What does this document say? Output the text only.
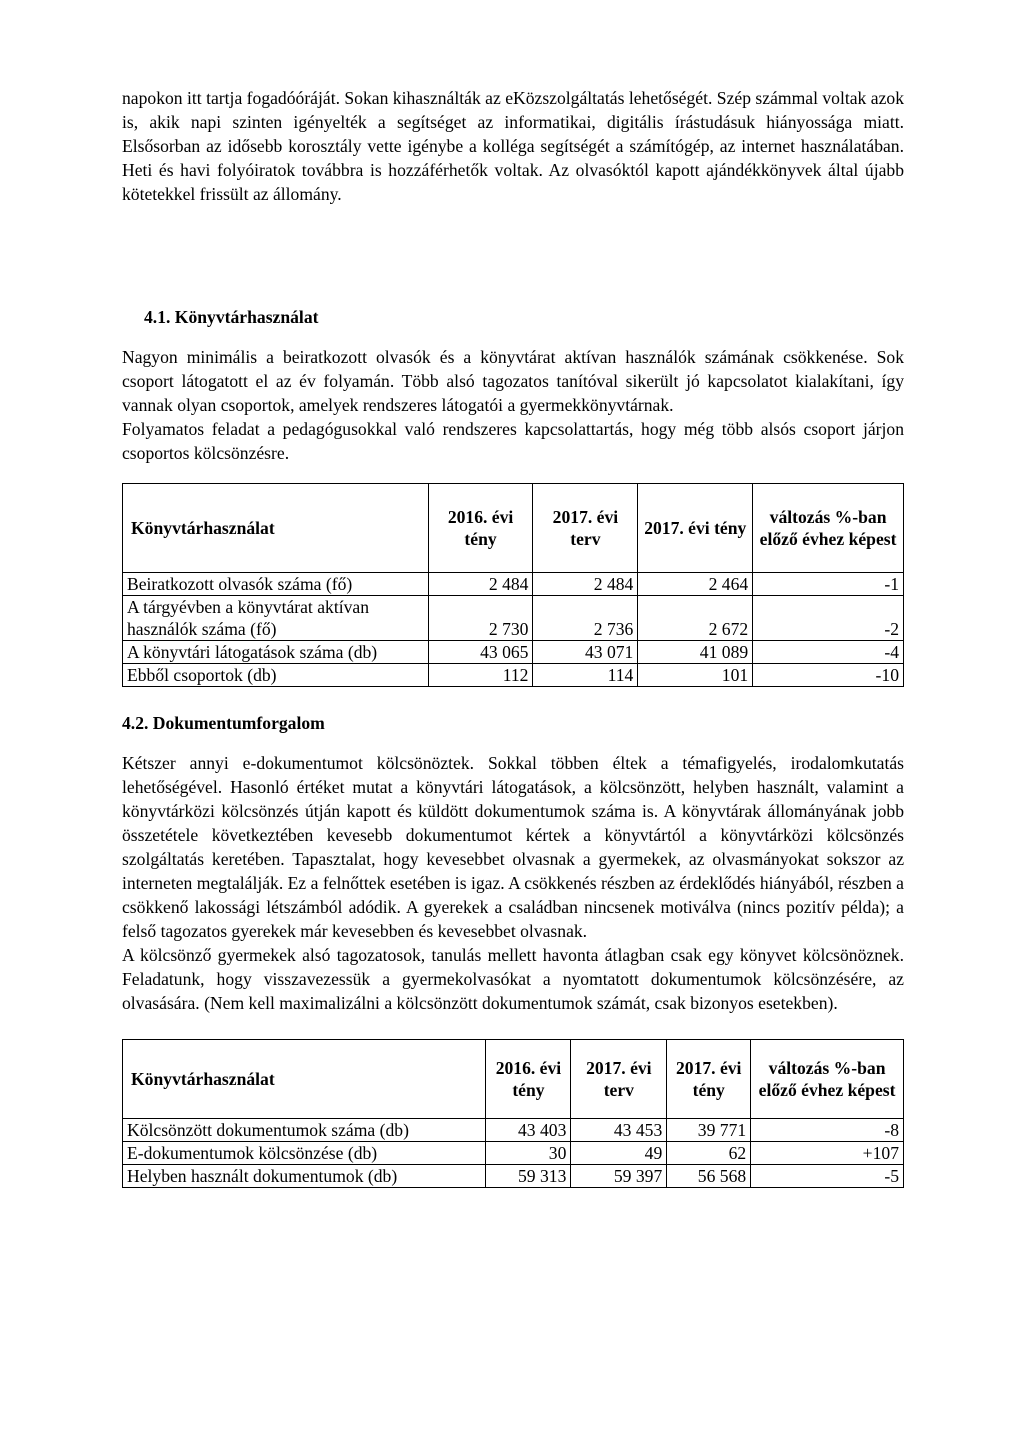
napokon itt tartja fogadóóráját. Sokan kihasználták az eKözszolgáltatás lehetőségét. Szép számmal voltak azok is, akik napi szinten igényelték a segítséget az informatikai, digitális írástudásuk hiányossága miatt. Elsősorban az idősebb korosztály vette igénybe a kolléga segítségét a számítógép, az internet használatában. Heti és havi folyóiratok továbbra is hozzáférhetők voltak. Az olvasóktól kapott ajándékkönyvek által újabb kötetekkel frissült az állomány.

4.1. Könyvtárhasználat

Nagyon minimális a beiratkozott olvasók és a könyvtárat aktívan használók számának csökkenése. Sok csoport látogatott el az év folyamán. Több alsó tagozatos tanítóval sikerült jó kapcsolatot kialakítani, így vannak olyan csoportok, amelyek rendszeres látogatói a gyermekkönyvtárnak.

Folyamatos feladat a pedagógusokkal való rendszeres kapcsolattartás, hogy még több alsós csoport járjon csoportos kölcsönzésre.

Könyvtárhasználat	2016. évi tény	2017. évi terv	2017. évi tény	változás %-ban előző évhez képest
Beiratkozott olvasók száma (fő)	2 484	2 484	2 464	-1
A tárgyévben a könyvtárat aktívan használók száma (fő)	2 730	2 736	2 672	-2
A könyvtári látogatások száma (db)	43 065	43 071	41 089	-4
Ebből csoportok (db)	112	114	101	-10
4.2. Dokumentumforgalom

Kétszer annyi e-dokumentumot kölcsönöztek. Sokkal többen éltek a témafigyelés, irodalomkutatás lehetőségével. Hasonló értéket mutat a könyvtári látogatások, a kölcsönzött, helyben használt, valamint a könyvtárközi kölcsönzés útján kapott és küldött dokumentumok száma is. A könyvtárak állományának jobb összetétele következtében kevesebb dokumentumot kértek a könyvtártól a könyvtárközi kölcsönzés szolgáltatás keretében. Tapasztalat, hogy kevesebbet olvasnak a gyermekek, az olvasmányokat sokszor az interneten megtalálják. Ez a felnőttek esetében is igaz. A csökkenés részben az érdeklődés hiányából, részben a csökkenő lakossági létszámból adódik. A gyerekek a családban nincsenek motiválva (nincs pozitív példa); a felső tagozatos gyerekek már kevesebben és kevesebbet olvasnak.

A kölcsönző gyermekek alsó tagozatosok, tanulás mellett havonta átlagban csak egy könyvet kölcsönöznek. Feladatunk, hogy visszavezessük a gyermekolvasókat a nyomtatott dokumentumok kölcsönzésére, az olvasására. (Nem kell maximalizálni a kölcsönzött dokumentumok számát, csak bizonyos esetekben).

Könyvtárhasználat	2016. évi tény	2017. évi terv	2017. évi tény	változás %-ban előző évhez képest
Kölcsönzött dokumentumok száma (db)	43 403	43 453	39 771	-8
E-dokumentumok kölcsönzése (db)	30	49	62	+107
Helyben használt dokumentumok (db)	59 313	59 397	56 568	-5
